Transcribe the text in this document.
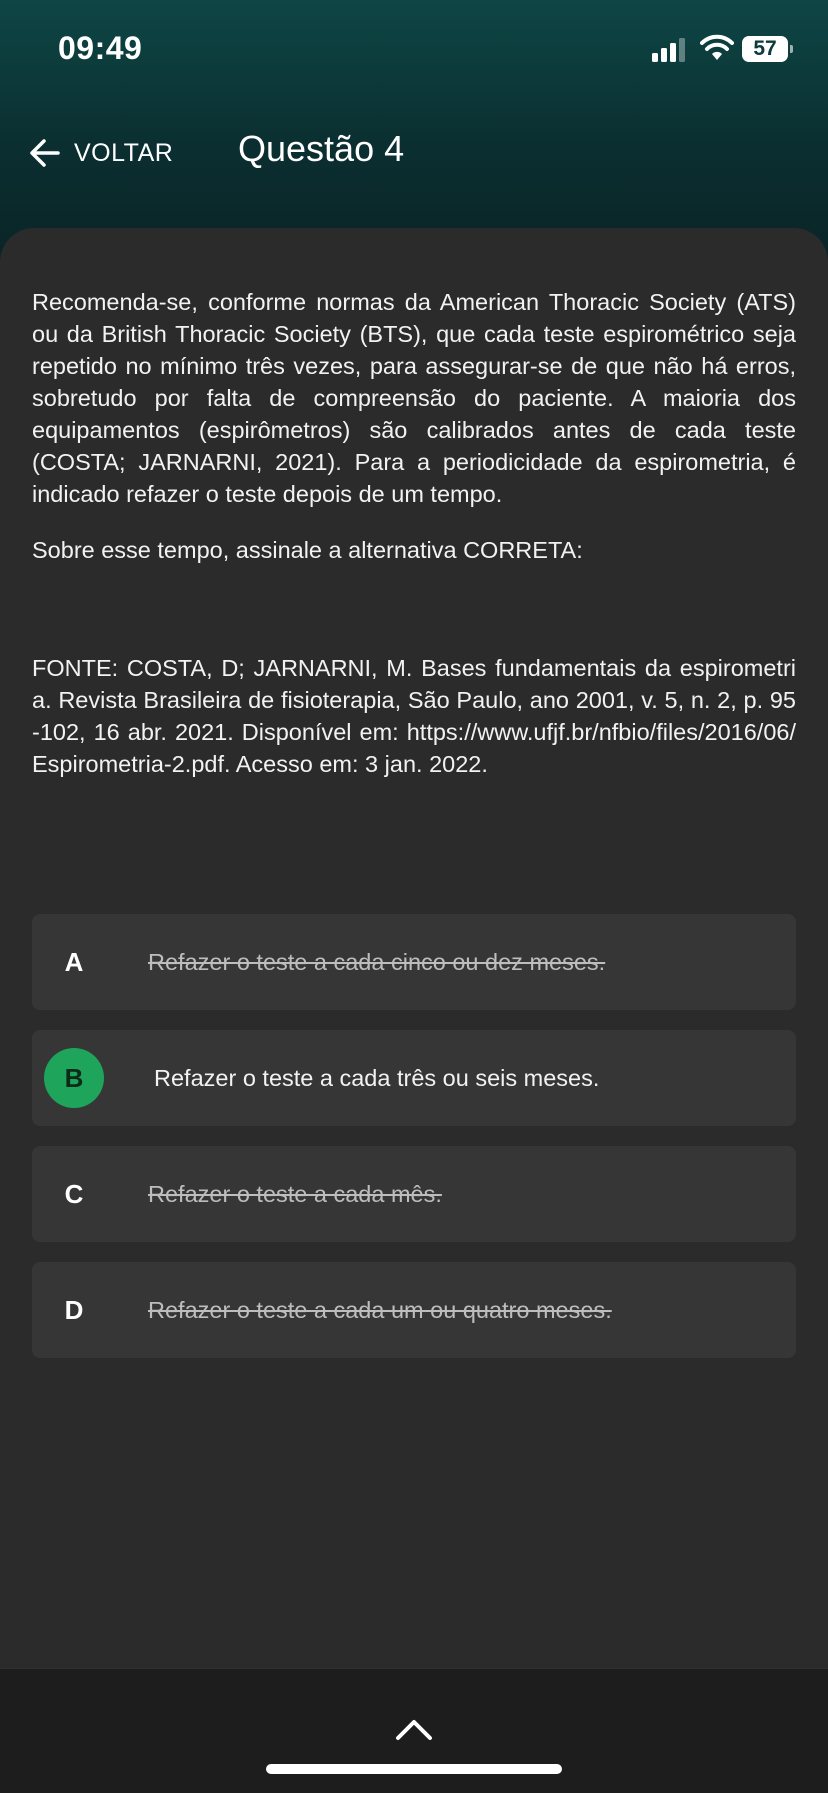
09:49	57
VOLTAR Questão 4
Recomenda-se, conforme normas da American Thoracic Society (ATS) ou da British Thoracic Society (BTS), que cada teste espirométrico seja repetido no mínimo três vezes, para assegurar-se de que não há erros, sobretudo por falta de compreensão do paciente. A maioria dos equipamentos (espirômetros) são calibrados antes de cada teste (COSTA; JARNARNI, 2021). Para a periodicidade da espirometria, é indicado refazer o teste depois de um tempo.
Sobre esse tempo, assinale a alternativa CORRETA:
FONTE: COSTA, D; JARNARNI, M. Bases fundamentais da espirometria. Revista Brasileira de fisioterapia, São Paulo, ano 2001, v. 5, n. 2, p. 95-102, 16 abr. 2021. Disponível em: https://www.ufjf.br/nfbio/files/2016/06/Espirometria-2.pdf. Acesso em: 3 jan. 2022.
A	Refazer o teste a cada cinco ou dez meses.
B	Refazer o teste a cada três ou seis meses.
C	Refazer o teste a cada mês.
D	Refazer o teste a cada um ou quatro meses.
